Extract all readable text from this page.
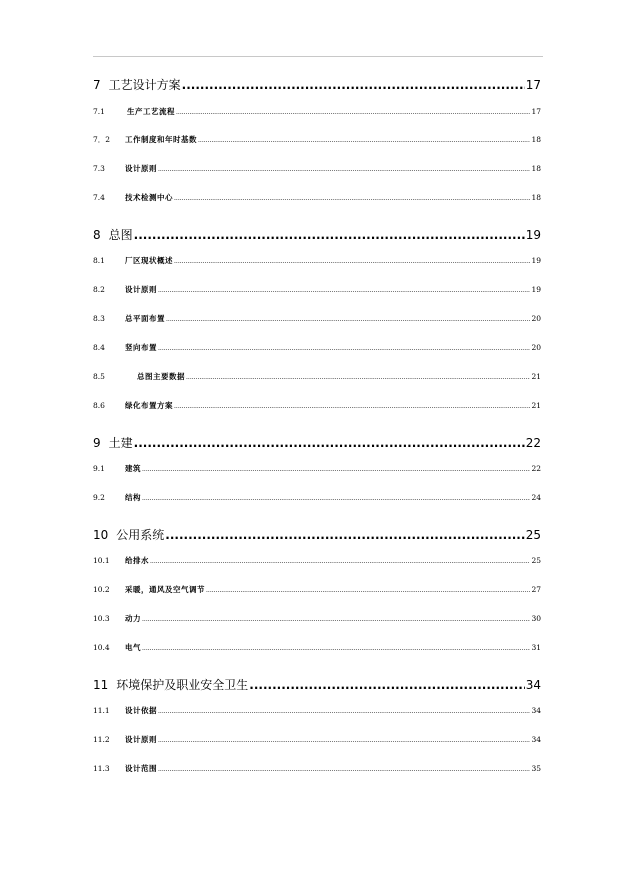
7 工艺设计方案 .....	17
7.1	生产工艺流程 .....	17
7．2	工作制度和年时基数 .....	18
7.3	设计原则 .....	18
7.4	技术检测中心 .....	18
8 总图 .....	19
8.1	厂区现状概述 .....	19
8.2	设计原则 .....	19
8.3	总平面布置 .....	20
8.4	竖向布置 .....	20
8.5	总图主要数据 .....	21
8.6	绿化布置方案 .....	21
9 土建 .....	22
9.1	建筑 .....	22
9.2	结构 .....	24
10 公用系统 .....	25
10.1	给排水 .....	25
10.2	采暖，通风及空气调节 .....	27
10.3	动力 .....	30
10.4	电气 .....	31
11 环境保护及职业安全卫生 .....	34
11.1	设计依据 .....	34
11.2	设计原则 .....	34
11.3	设计范围 .....	35
